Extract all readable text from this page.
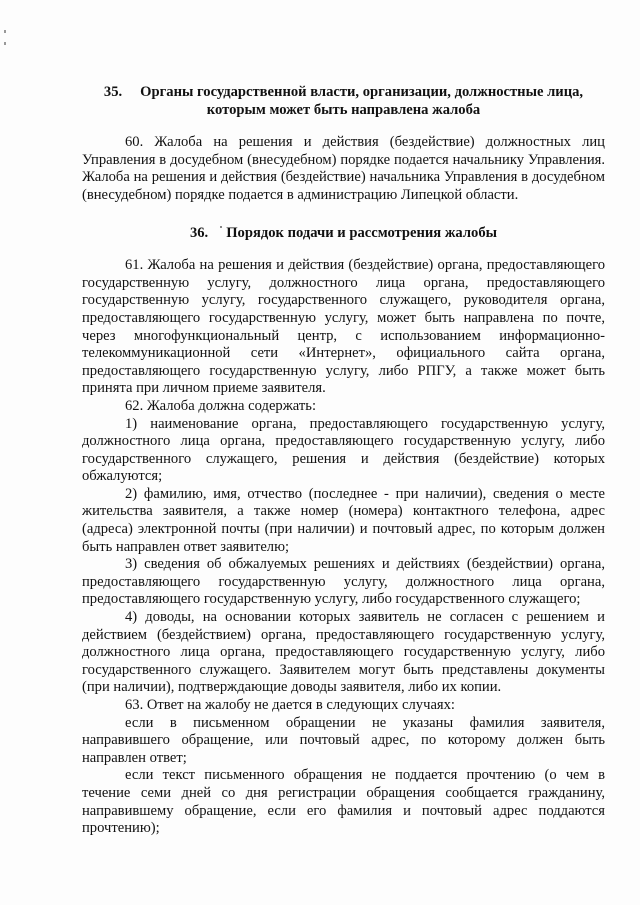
35. Органы государственной власти, организации, должностные лица,
которым может быть направлена жалоба

60. Жалоба на решения и действия (бездействие) должностных лиц Управления в досудебном (внесудебном) порядке подается начальнику Управления. Жалоба на решения и действия (бездействие) начальника Управления в досудебном (внесудебном) порядке подается в администрацию Липецкой области.

36. Порядок подачи и рассмотрения жалобы

61. Жалоба на решения и действия (бездействие) органа, предоставляющего государственную услугу, должностного лица органа, предоставляющего государственную услугу, государственного служащего, руководителя органа, предоставляющего государственную услугу, может быть направлена по почте, через многофункциональный центр, с использованием информационно-телекоммуникационной сети «Интернет», официального сайта органа, предоставляющего государственную услугу, либо РПГУ, а также может быть принята при личном приеме заявителя.

62. Жалоба должна содержать:

1) наименование органа, предоставляющего государственную услугу, должностного лица органа, предоставляющего государственную услугу, либо государственного служащего, решения и действия (бездействие) которых обжалуются;

2) фамилию, имя, отчество (последнее - при наличии), сведения о месте жительства заявителя, а также номер (номера) контактного телефона, адрес (адреса) электронной почты (при наличии) и почтовый адрес, по которым должен быть направлен ответ заявителю;

3) сведения об обжалуемых решениях и действиях (бездействии) органа, предоставляющего государственную услугу, должностного лица органа, предоставляющего государственную услугу, либо государственного служащего;

4) доводы, на основании которых заявитель не согласен с решением и действием (бездействием) органа, предоставляющего государственную услугу, должностного лица органа, предоставляющего государственную услугу, либо государственного служащего. Заявителем могут быть представлены документы (при наличии), подтверждающие доводы заявителя, либо их копии.

63. Ответ на жалобу не дается в следующих случаях:

если в письменном обращении не указаны фамилия заявителя, направившего обращение, или почтовый адрес, по которому должен быть направлен ответ;

если текст письменного обращения не поддается прочтению (о чем в течение семи дней со дня регистрации обращения сообщается гражданину, направившему обращение, если его фамилия и почтовый адрес поддаются прочтению);
